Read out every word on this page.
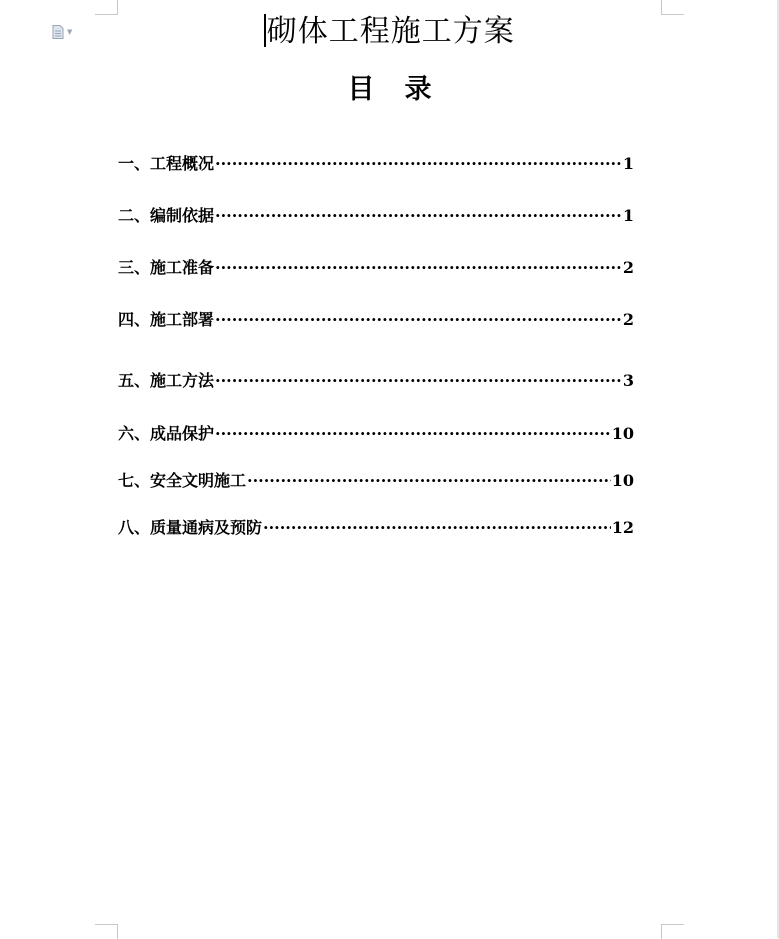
▼	砌体工程施工方案
目 录
一、工程概况 ·····	1
二、编制依据 ·····	1
三、施工准备 ·····	2
四、施工部署 ·····	2
五、施工方法 ·····	3
六、成品保护 ·····	10
七、安全文明施工 ·····	10
八、质量通病及预防 ·····	12
